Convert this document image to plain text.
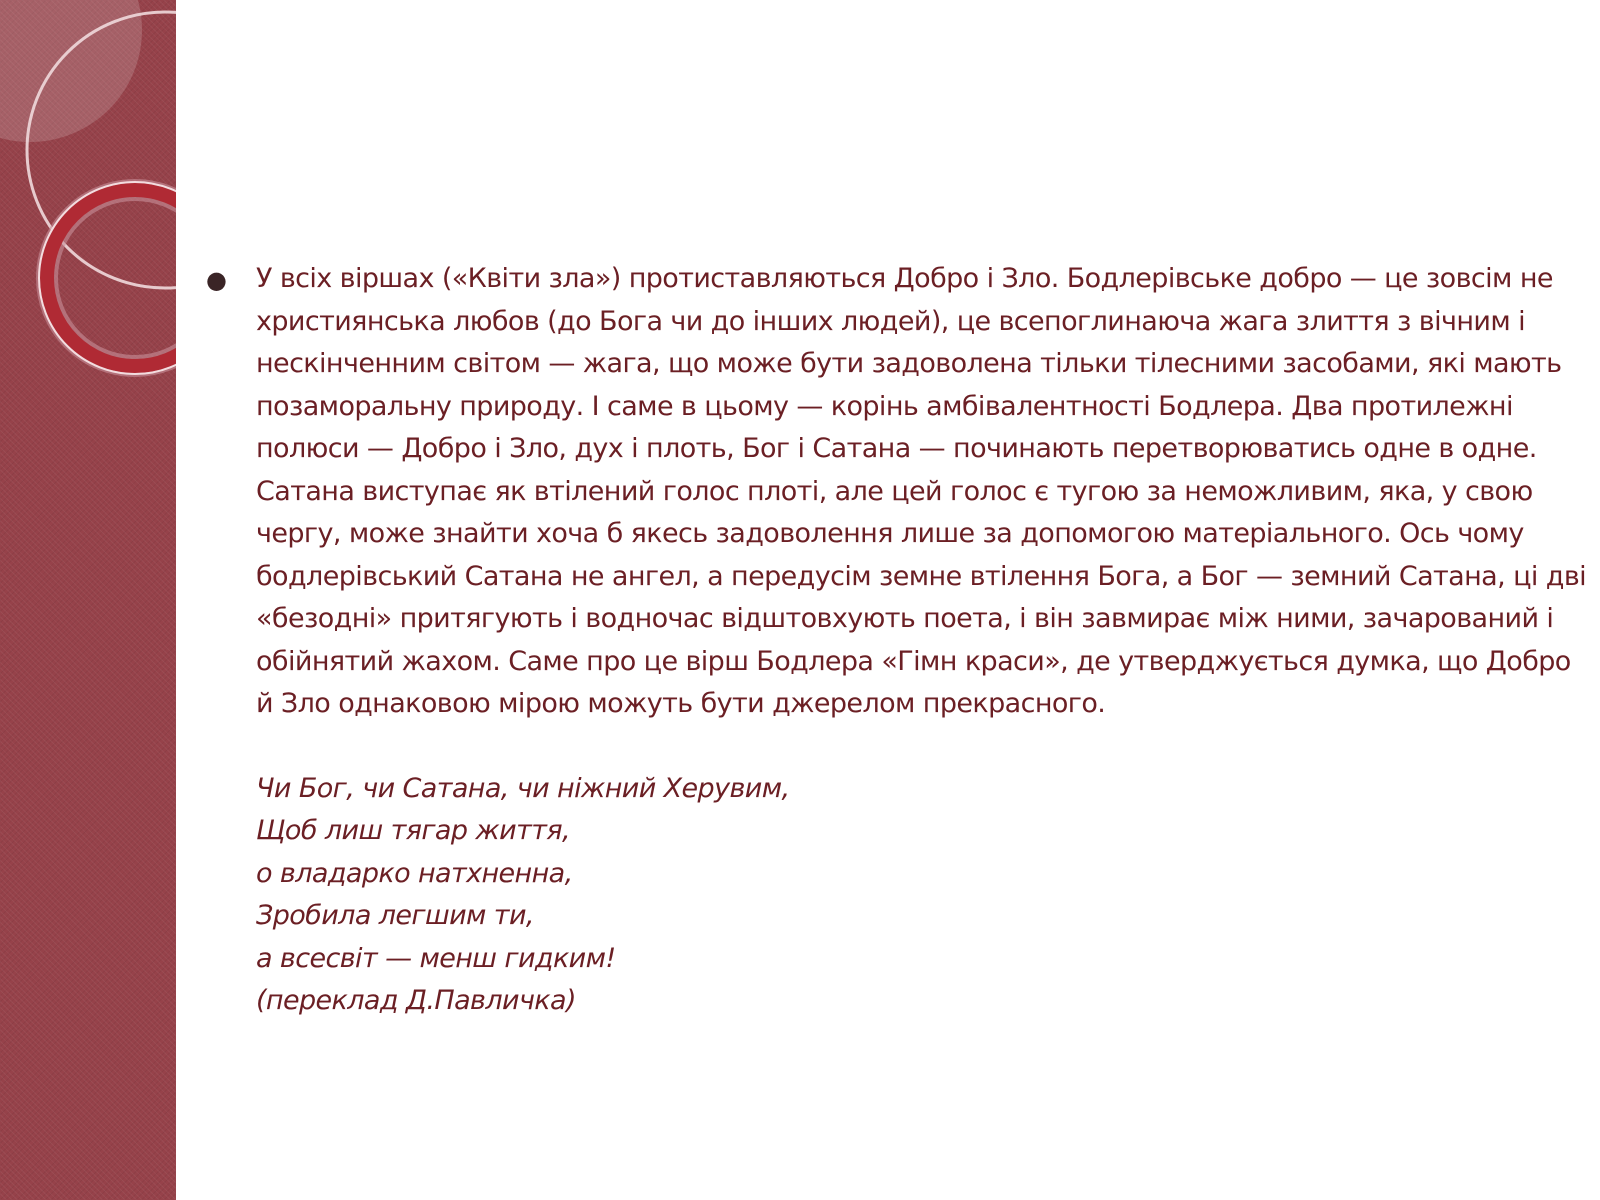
● У всіх віршах («Квіти зла») протиставляються Добро і Зло. Бодлерівське добро — це зовсім не християнська любов (до Бога чи до інших людей), це всепоглинаюча жага злиття з вічним і нескінченним світом — жага, що може бути задоволена тільки тілесними засобами, які мають позаморальну природу. І саме в цьому — корінь амбівалентності Бодлера. Два протилежні полюси — Добро і Зло, дух і плоть, Бог і Сатана — починають перетворюватись одне в одне. Сатана виступає як втілений голос плоті, але цей голос є тугою за неможливим, яка, у свою чергу, може знайти хоча б якесь задоволення лише за допомогою матеріального. Ось чому бодлерівський Сатана не ангел, а передусім земне втілення Бога, а Бог — земний Сатана, ці дві «безодні» притягують і водночас відштовхують поета, і він завмирає між ними, зачарований і обійнятий жахом. Саме про це вірш Бодлера «Гімн краси», де утверджується думка, що Добро й Зло однаковою мірою можуть бути джерелом прекрасного.

Чи Бог, чи Сатана, чи ніжний Херувим,
Щоб лиш тягар життя,
о владарко натхненна,
Зробила легшим ти,
а всесвіт — менш гидким!
(переклад Д.Павличка)
